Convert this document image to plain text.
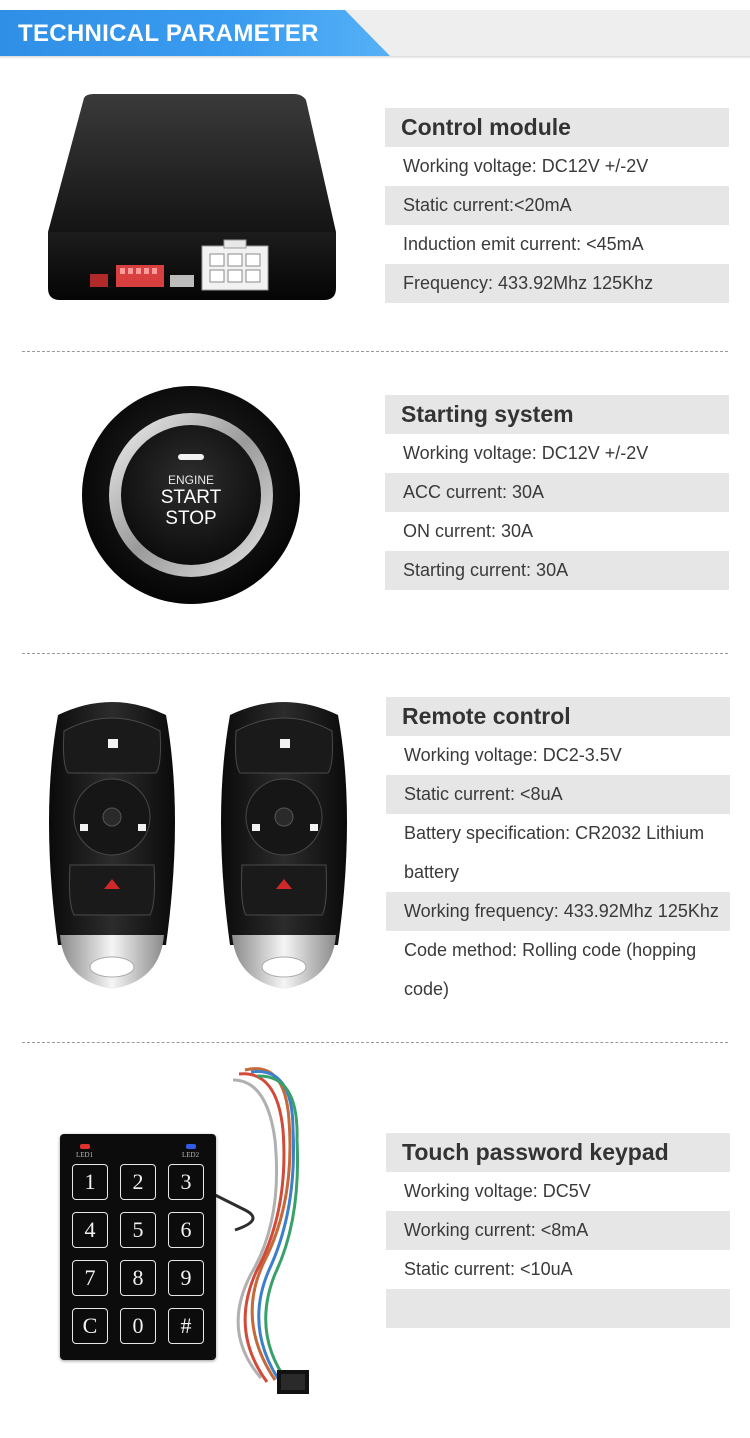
TECHNICAL PARAMETER
EASYGUARD
Control module
Working voltage: DC12V +/-2V
Static current:<20mA
Induction emit current: <45mA
Frequency: 433.92Mhz 125Khz
ENGINE
START
STOP
Starting system
Working voltage: DC12V +/-2V
ACC current: 30A
ON current: 30A
Starting current: 30A
Remote control
Working voltage: DC2-3.5V
Static current: <8uA
Battery specification: CR2032 Lithium battery
Working frequency: 433.92Mhz 125Khz
Code method: Rolling code (hopping code)
LED1	LED2
1	2	3
4	5	6
7	8	9
C	0	#
Touch password keypad
Working voltage: DC5V
Working current: <8mA
Static current: <10uA
